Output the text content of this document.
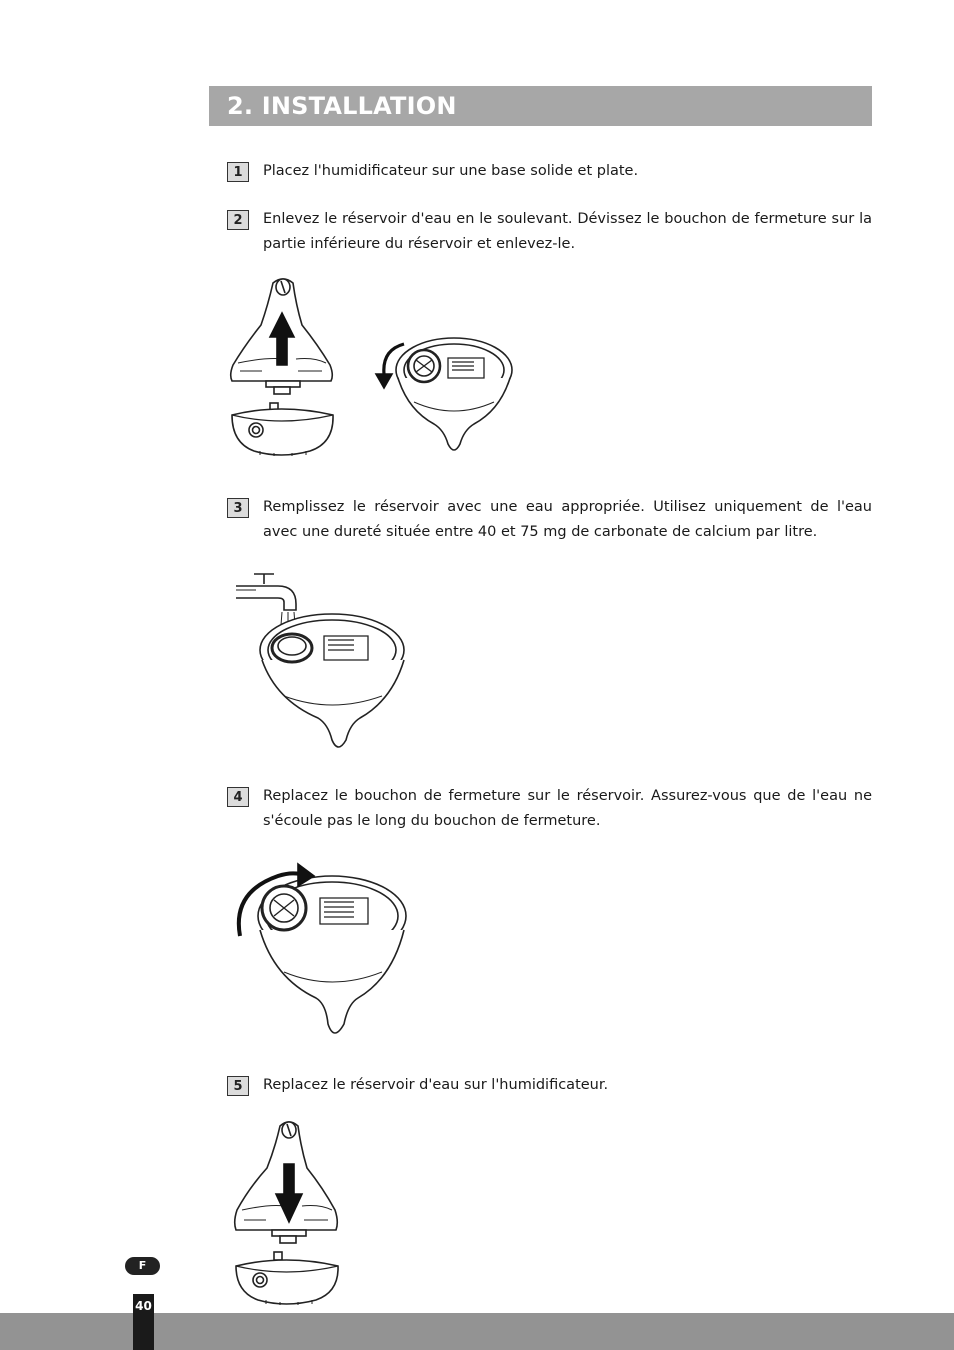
2. INSTALLATION
1	Placez l'humidificateur sur une base solide et plate.

2	Enlevez le réservoir d'eau en le soulevant. Dévissez le bouchon de fermeture sur la partie inférieure du réservoir et enlevez-le.

3	Remplissez le réservoir avec une eau appropriée. Utilisez uniquement de l'eau avec une dureté située entre 40 et 75 mg de carbonate de calcium par litre.

4	Replacez le bouchon de fermeture sur le réservoir. Assurez-vous que de l'eau ne s'écoule pas le long du bouchon de fermeture.

5	Replacez le réservoir d'eau sur l'humidificateur.

F
40
